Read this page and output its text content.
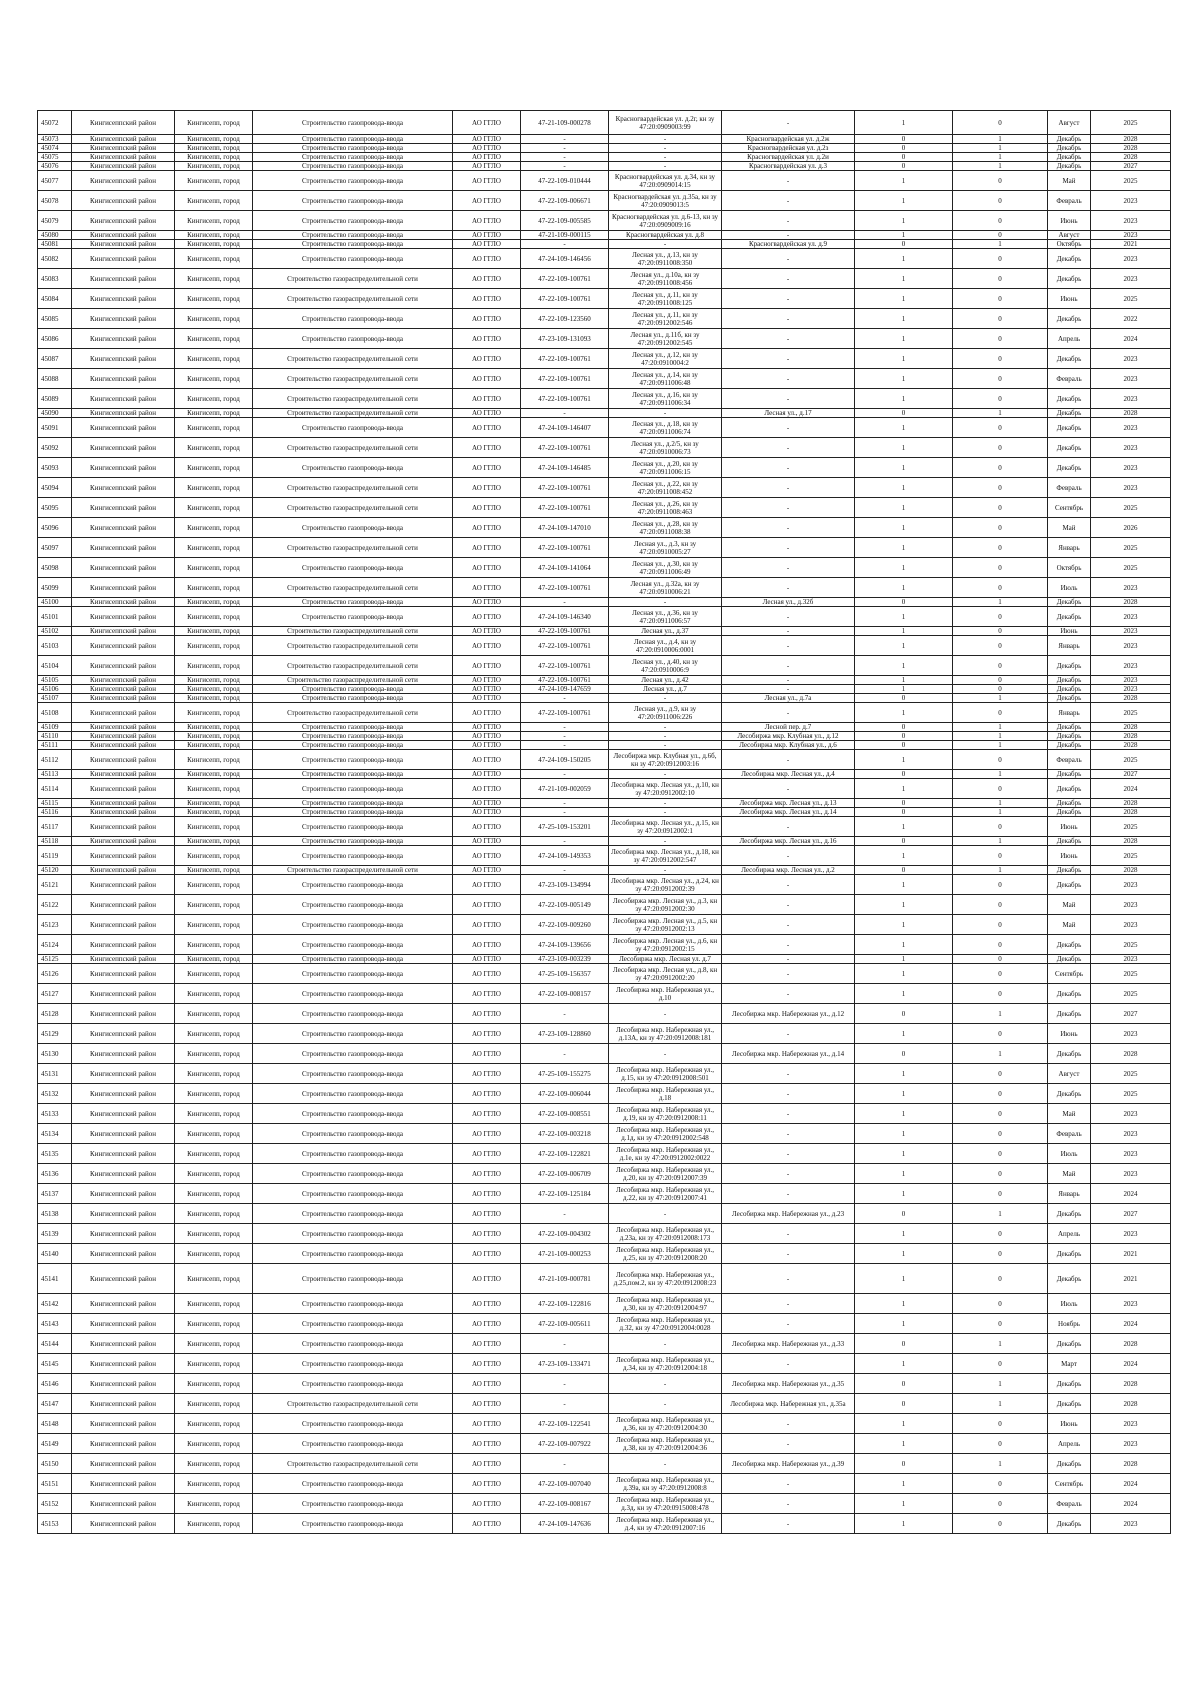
45072	Кингисеппский район	Кингисепп, город	Строительство газопровода-ввода	АО ГГЛО	47-21-109-000278	Красногвардейская ул. д.2г, кн зу 47:20:0909003:99	-	1	0	Август	2025
45073	Кингисеппский район	Кингисепп, город	Строительство газопровода-ввода	АО ГГЛО	-	-	Красногвардейская ул. д.2ж	0	1	Декабрь	2028
45074	Кингисеппский район	Кингисепп, город	Строительство газопровода-ввода	АО ГГЛО	-	-	Красногвардейская ул. д.2з	0	1	Декабрь	2028
45075	Кингисеппский район	Кингисепп, город	Строительство газопровода-ввода	АО ГГЛО	-	-	Красногвардейская ул. д.2и	0	1	Декабрь	2028
45076	Кингисеппский район	Кингисепп, город	Строительство газопровода-ввода	АО ГГЛО	-	-	Красногвардейская ул. д.3	0	1	Декабрь	2027
45077	Кингисеппский район	Кингисепп, город	Строительство газопровода-ввода	АО ГГЛО	47-22-109-010444	Красногвардейская ул. д.34, кн зу 47:20:0909014:15	-	1	0	Май	2025
45078	Кингисеппский район	Кингисепп, город	Строительство газопровода-ввода	АО ГГЛО	47-22-109-006671	Красногвардейская ул. д.35а, кн зу 47:20:0909013:5	-	1	0	Февраль	2023
45079	Кингисеппский район	Кингисепп, город	Строительство газопровода-ввода	АО ГГЛО	47-22-109-005585	Красногвардейская ул. д.6-13, кн зу 47:20:0909009:16	-	1	0	Июнь	2023
45080	Кингисеппский район	Кингисепп, город	Строительство газопровода-ввода	АО ГГЛО	47-21-109-000115	Красногвардейская ул. д.8	-	1	0	Август	2023
45081	Кингисеппский район	Кингисепп, город	Строительство газопровода-ввода	АО ГГЛО	-	-	Красногвардейская ул. д.9	0	1	Октябрь	2021
45082	Кингисеппский район	Кингисепп, город	Строительство газопровода-ввода	АО ГГЛО	47-24-109-146456	Лесная ул., д.13, кн зу 47:20:0911008:350	-	1	0	Декабрь	2023
45083	Кингисеппский район	Кингисепп, город	Строительство газораспределительной сети	АО ГГЛО	47-22-109-100761	Лесная ул., д.10а, кн зу 47:20:0911008:456	-	1	0	Декабрь	2023
45084	Кингисеппский район	Кингисепп, город	Строительство газораспределительной сети	АО ГГЛО	47-22-109-100761	Лесная ул., д.11, кн зу 47:20:0911008:125	-	1	0	Июнь	2025
45085	Кингисеппский район	Кингисепп, город	Строительство газопровода-ввода	АО ГГЛО	47-22-109-123560	Лесная ул., д.11, кн зу 47:20:0912002:546	-	1	0	Декабрь	2022
45086	Кингисеппский район	Кингисепп, город	Строительство газопровода-ввода	АО ГГЛО	47-23-109-131093	Лесная ул., д.11б, кн зу 47:20:0912002:545	-	1	0	Апрель	2024
45087	Кингисеппский район	Кингисепп, город	Строительство газораспределительной сети	АО ГГЛО	47-22-109-100761	Лесная ул., д.12, кн зу 47:20:0910004:2	-	1	0	Декабрь	2023
45088	Кингисеппский район	Кингисепп, город	Строительство газораспределительной сети	АО ГГЛО	47-22-109-100761	Лесная ул., д.14, кн зу 47:20:0911006:48	-	1	0	Февраль	2023
45089	Кингисеппский район	Кингисепп, город	Строительство газораспределительной сети	АО ГГЛО	47-22-109-100761	Лесная ул., д.16, кн зу 47:20:0911006:34	-	1	0	Декабрь	2023
45090	Кингисеппский район	Кингисепп, город	Строительство газораспределительной сети	АО ГГЛО	-	-	Лесная ул., д.17	0	1	Декабрь	2028
45091	Кингисеппский район	Кингисепп, город	Строительство газопровода-ввода	АО ГГЛО	47-24-109-146407	Лесная ул., д.18, кн зу 47:20:0911006:74	-	1	0	Декабрь	2023
45092	Кингисеппский район	Кингисепп, город	Строительство газораспределительной сети	АО ГГЛО	47-22-109-100761	Лесная ул., д.2/5, кн зу 47:20:0910006:73	-	1	0	Декабрь	2023
45093	Кингисеппский район	Кингисепп, город	Строительство газопровода-ввода	АО ГГЛО	47-24-109-146485	Лесная ул., д.20, кн зу 47:20:0911006:15	-	1	0	Декабрь	2023
45094	Кингисеппский район	Кингисепп, город	Строительство газораспределительной сети	АО ГГЛО	47-22-109-100761	Лесная ул., д.22, кн зу 47:20:0911008:452	-	1	0	Февраль	2023
45095	Кингисеппский район	Кингисепп, город	Строительство газораспределительной сети	АО ГГЛО	47-22-109-100761	Лесная ул., д.26, кн зу 47:20:0911008:463	-	1	0	Сентябрь	2025
45096	Кингисеппский район	Кингисепп, город	Строительство газопровода-ввода	АО ГГЛО	47-24-109-147010	Лесная ул., д.28, кн зу 47:20:0911008:38	-	1	0	Май	2026
45097	Кингисеппский район	Кингисепп, город	Строительство газораспределительной сети	АО ГГЛО	47-22-109-100761	Лесная ул., д.3, кн зу 47:20:0910005:27	-	1	0	Январь	2025
45098	Кингисеппский район	Кингисепп, город	Строительство газопровода-ввода	АО ГГЛО	47-24-109-141064	Лесная ул., д.30, кн зу 47:20:0911006:49	-	1	0	Октябрь	2025
45099	Кингисеппский район	Кингисепп, город	Строительство газораспределительной сети	АО ГГЛО	47-22-109-100761	Лесная ул., д.32а, кн зу 47:20:0910006:21	-	1	0	Июль	2023
45100	Кингисеппский район	Кингисепп, город	Строительство газопровода-ввода	АО ГГЛО	-	-	Лесная ул., д.32б	0	1	Декабрь	2028
45101	Кингисеппский район	Кингисепп, город	Строительство газопровода-ввода	АО ГГЛО	47-24-109-146340	Лесная ул., д.36, кн зу 47:20:0911006:57	-	1	0	Декабрь	2023
45102	Кингисеппский район	Кингисепп, город	Строительство газораспределительной сети	АО ГГЛО	47-22-109-100761	Лесная ул., д.37	-	1	0	Июнь	2023
45103	Кингисеппский район	Кингисепп, город	Строительство газораспределительной сети	АО ГГЛО	47-22-109-100761	Лесная ул., д.4, кн зу 47:20:0910006:0001	-	1	0	Январь	2023
45104	Кингисеппский район	Кингисепп, город	Строительство газораспределительной сети	АО ГГЛО	47-22-109-100761	Лесная ул., д.40, кн зу 47:20:0910006:9	-	1	0	Декабрь	2023
45105	Кингисеппский район	Кингисепп, город	Строительство газораспределительной сети	АО ГГЛО	47-22-109-100761	Лесная ул., д.42	-	1	0	Декабрь	2023
45106	Кингисеппский район	Кингисепп, город	Строительство газопровода-ввода	АО ГГЛО	47-24-109-147659	Лесная ул., д.7	-	1	0	Декабрь	2023
45107	Кингисеппский район	Кингисепп, город	Строительство газопровода-ввода	АО ГГЛО	-	-	Лесная ул., д.7а	0	1	Декабрь	2028
45108	Кингисеппский район	Кингисепп, город	Строительство газораспределительной сети	АО ГГЛО	47-22-109-100761	Лесная ул., д.9, кн зу 47:20:0911006:226	-	1	0	Январь	2025
45109	Кингисеппский район	Кингисепп, город	Строительство газопровода-ввода	АО ГГЛО	-	-	Лесной пер. д.7	0	1	Декабрь	2028
45110	Кингисеппский район	Кингисепп, город	Строительство газопровода-ввода	АО ГГЛО	-	-	Лесобиржа мкр. Клубная ул., д.12	0	1	Декабрь	2028
45111	Кингисеппский район	Кингисепп, город	Строительство газопровода-ввода	АО ГГЛО	-	-	Лесобиржа мкр. Клубная ул., д.6	0	1	Декабрь	2028
45112	Кингисеппский район	Кингисепп, город	Строительство газопровода-ввода	АО ГГЛО	47-24-109-150205	Лесобиржа мкр. Клубная ул., д.6б, кн зу 47:20:0912003:16	-	1	0	Февраль	2025
45113	Кингисеппский район	Кингисепп, город	Строительство газопровода-ввода	АО ГГЛО	-	-	Лесобиржа мкр. Лесная ул., д.4	0	1	Декабрь	2027
45114	Кингисеппский район	Кингисепп, город	Строительство газопровода-ввода	АО ГГЛО	47-21-109-002059	Лесобиржа мкр. Лесная ул., д.10, кн зу 47:20:0912002:10	-	1	0	Декабрь	2024
45115	Кингисеппский район	Кингисепп, город	Строительство газопровода-ввода	АО ГГЛО	-	-	Лесобиржа мкр. Лесная ул., д.13	0	1	Декабрь	2028
45116	Кингисеппский район	Кингисепп, город	Строительство газопровода-ввода	АО ГГЛО	-	-	Лесобиржа мкр. Лесная ул., д.14	0	1	Декабрь	2028
45117	Кингисеппский район	Кингисепп, город	Строительство газопровода-ввода	АО ГГЛО	47-25-109-153201	Лесобиржа мкр. Лесная ул., д.15, кн зу 47:20:0912002:1	-	1	0	Июнь	2025
45118	Кингисеппский район	Кингисепп, город	Строительство газопровода-ввода	АО ГГЛО	-	-	Лесобиржа мкр. Лесная ул., д.16	0	1	Декабрь	2028
45119	Кингисеппский район	Кингисепп, город	Строительство газопровода-ввода	АО ГГЛО	47-24-109-149353	Лесобиржа мкр. Лесная ул., д.18, кн зу 47:20:0912002:547	-	1	0	Июнь	2025
45120	Кингисеппский район	Кингисепп, город	Строительство газораспределительной сети	АО ГГЛО	-	-	Лесобиржа мкр. Лесная ул., д.2	0	1	Декабрь	2028
45121	Кингисеппский район	Кингисепп, город	Строительство газопровода-ввода	АО ГГЛО	47-23-109-134994	Лесобиржа мкр. Лесная ул., д.24, кн зу 47:20:0912002:39	-	1	0	Декабрь	2023
45122	Кингисеппский район	Кингисепп, город	Строительство газопровода-ввода	АО ГГЛО	47-22-109-005149	Лесобиржа мкр. Лесная ул., д.3, кн зу 47:20:0912002:30	-	1	0	Май	2023
45123	Кингисеппский район	Кингисепп, город	Строительство газопровода-ввода	АО ГГЛО	47-22-109-009260	Лесобиржа мкр. Лесная ул., д.5, кн зу 47:20:0912002:13	-	1	0	Май	2023
45124	Кингисеппский район	Кингисепп, город	Строительство газопровода-ввода	АО ГГЛО	47-24-109-139656	Лесобиржа мкр. Лесная ул., д.6, кн зу 47:20:0912002:15	-	1	0	Декабрь	2025
45125	Кингисеппский район	Кингисепп, город	Строительство газопровода-ввода	АО ГГЛО	47-23-109-003239	Лесобиржа мкр. Лесная ул. д.7	-	1	0	Декабрь	2023
45126	Кингисеппский район	Кингисепп, город	Строительство газопровода-ввода	АО ГГЛО	47-25-109-156357	Лесобиржа мкр. Лесная ул., д.8, кн зу 47:20:0912002:20	-	1	0	Сентябрь	2025
45127	Кингисеппский район	Кингисепп, город	Строительство газопровода-ввода	АО ГГЛО	47-22-109-008157	Лесобиржа мкр. Набережная ул., д.10	-	1	0	Декабрь	2025
45128	Кингисеппский район	Кингисепп, город	Строительство газопровода-ввода	АО ГГЛО	-	-	Лесобиржа мкр. Набережная ул., д.12	0	1	Декабрь	2027
45129	Кингисеппский район	Кингисепп, город	Строительство газопровода-ввода	АО ГГЛО	47-23-109-128860	Лесобиржа мкр. Набережная ул., д.13А, кн зу 47:20:0912008:181	-	1	0	Июнь	2023
45130	Кингисеппский район	Кингисепп, город	Строительство газопровода-ввода	АО ГГЛО	-	-	Лесобиржа мкр. Набережная ул., д.14	0	1	Декабрь	2028
45131	Кингисеппский район	Кингисепп, город	Строительство газопровода-ввода	АО ГГЛО	47-25-109-155275	Лесобиржа мкр. Набережная ул., д.15, кн зу 47:20:0912008:501	-	1	0	Август	2025
45132	Кингисеппский район	Кингисепп, город	Строительство газопровода-ввода	АО ГГЛО	47-22-109-006044	Лесобиржа мкр. Набережная ул., д.18	-	1	0	Декабрь	2025
45133	Кингисеппский район	Кингисепп, город	Строительство газопровода-ввода	АО ГГЛО	47-22-109-008551	Лесобиржа мкр. Набережная ул., д.19, кн зу 47:20:0912008:11	-	1	0	Май	2023
45134	Кингисеппский район	Кингисепп, город	Строительство газопровода-ввода	АО ГГЛО	47-22-109-003218	Лесобиржа мкр. Набережная ул., д.1д, кн зу 47:20:0912002:548	-	1	0	Февраль	2023
45135	Кингисеппский район	Кингисепп, город	Строительство газопровода-ввода	АО ГГЛО	47-22-109-122821	Лесобиржа мкр. Набережная ул., д.1е, кн зу 47:20:0912002:0022	-	1	0	Июль	2023
45136	Кингисеппский район	Кингисепп, город	Строительство газопровода-ввода	АО ГГЛО	47-22-109-006709	Лесобиржа мкр. Набережная ул., д.20, кн зу 47:20:0912007:39	-	1	0	Май	2023
45137	Кингисеппский район	Кингисепп, город	Строительство газопровода-ввода	АО ГГЛО	47-22-109-125184	Лесобиржа мкр. Набережная ул., д.22, кн зу 47:20:0912007:41	-	1	0	Январь	2024
45138	Кингисеппский район	Кингисепп, город	Строительство газопровода-ввода	АО ГГЛО	-	-	Лесобиржа мкр. Набережная ул., д.23	0	1	Декабрь	2027
45139	Кингисеппский район	Кингисепп, город	Строительство газопровода-ввода	АО ГГЛО	47-22-109-004302	Лесобиржа мкр. Набережная ул., д.23а, кн зу 47:20:0912008:173	-	1	0	Апрель	2023
45140	Кингисеппский район	Кингисепп, город	Строительство газопровода-ввода	АО ГГЛО	47-21-109-000253	Лесобиржа мкр. Набережная ул., д.25, кн зу 47:20:0912008:20	-	1	0	Декабрь	2021
45141	Кингисеппский район	Кингисепп, город	Строительство газопровода-ввода	АО ГГЛО	47-21-109-000781	Лесобиржа мкр. Набережная ул., д.25,пом.2, кн зу 47:20:0912008:23	-	1	0	Декабрь	2021
45142	Кингисеппский район	Кингисепп, город	Строительство газопровода-ввода	АО ГГЛО	47-22-109-122816	Лесобиржа мкр. Набережная ул., д.30, кн зу 47:20:0912004:97	-	1	0	Июль	2023
45143	Кингисеппский район	Кингисепп, город	Строительство газопровода-ввода	АО ГГЛО	47-22-109-005611	Лесобиржа мкр. Набережная ул., д.32, кн зу 47:20:0912004:0028	-	1	0	Ноябрь	2024
45144	Кингисеппский район	Кингисепп, город	Строительство газопровода-ввода	АО ГГЛО	-	-	Лесобиржа мкр. Набережная ул., д.33	0	1	Декабрь	2028
45145	Кингисеппский район	Кингисепп, город	Строительство газопровода-ввода	АО ГГЛО	47-23-109-133471	Лесобиржа мкр. Набережная ул., д.34, кн зу 47:20:0912004:18	-	1	0	Март	2024
45146	Кингисеппский район	Кингисепп, город	Строительство газопровода-ввода	АО ГГЛО	-	-	Лесобиржа мкр. Набережная ул., д.35	0	1	Декабрь	2028
45147	Кингисеппский район	Кингисепп, город	Строительство газораспределительной сети	АО ГГЛО	-	-	Лесобиржа мкр. Набережная ул., д.35а	0	1	Декабрь	2028
45148	Кингисеппский район	Кингисепп, город	Строительство газопровода-ввода	АО ГГЛО	47-22-109-122541	Лесобиржа мкр. Набережная ул., д.36, кн зу 47:20:0912004:30	-	1	0	Июнь	2023
45149	Кингисеппский район	Кингисепп, город	Строительство газопровода-ввода	АО ГГЛО	47-22-109-007922	Лесобиржа мкр. Набережная ул., д.38, кн зу 47:20:0912004:36	-	1	0	Апрель	2023
45150	Кингисеппский район	Кингисепп, город	Строительство газораспределительной сети	АО ГГЛО	-	-	Лесобиржа мкр. Набережная ул., д.39	0	1	Декабрь	2028
45151	Кингисеппский район	Кингисепп, город	Строительство газопровода-ввода	АО ГГЛО	47-22-109-007040	Лесобиржа мкр. Набережная ул., д.39а, кн зу 47:20:0912008:8	-	1	0	Сентябрь	2024
45152	Кингисеппский район	Кингисепп, город	Строительство газопровода-ввода	АО ГГЛО	47-22-109-008167	Лесобиржа мкр. Набережная ул., д.3д, кн зу 47:20:0915008:478	-	1	0	Февраль	2024
45153	Кингисеппский район	Кингисепп, город	Строительство газопровода-ввода	АО ГГЛО	47-24-109-147636	Лесобиржа мкр. Набережная ул., д.4, кн зу 47:20:0912007:16	-	1	0	Декабрь	2023
